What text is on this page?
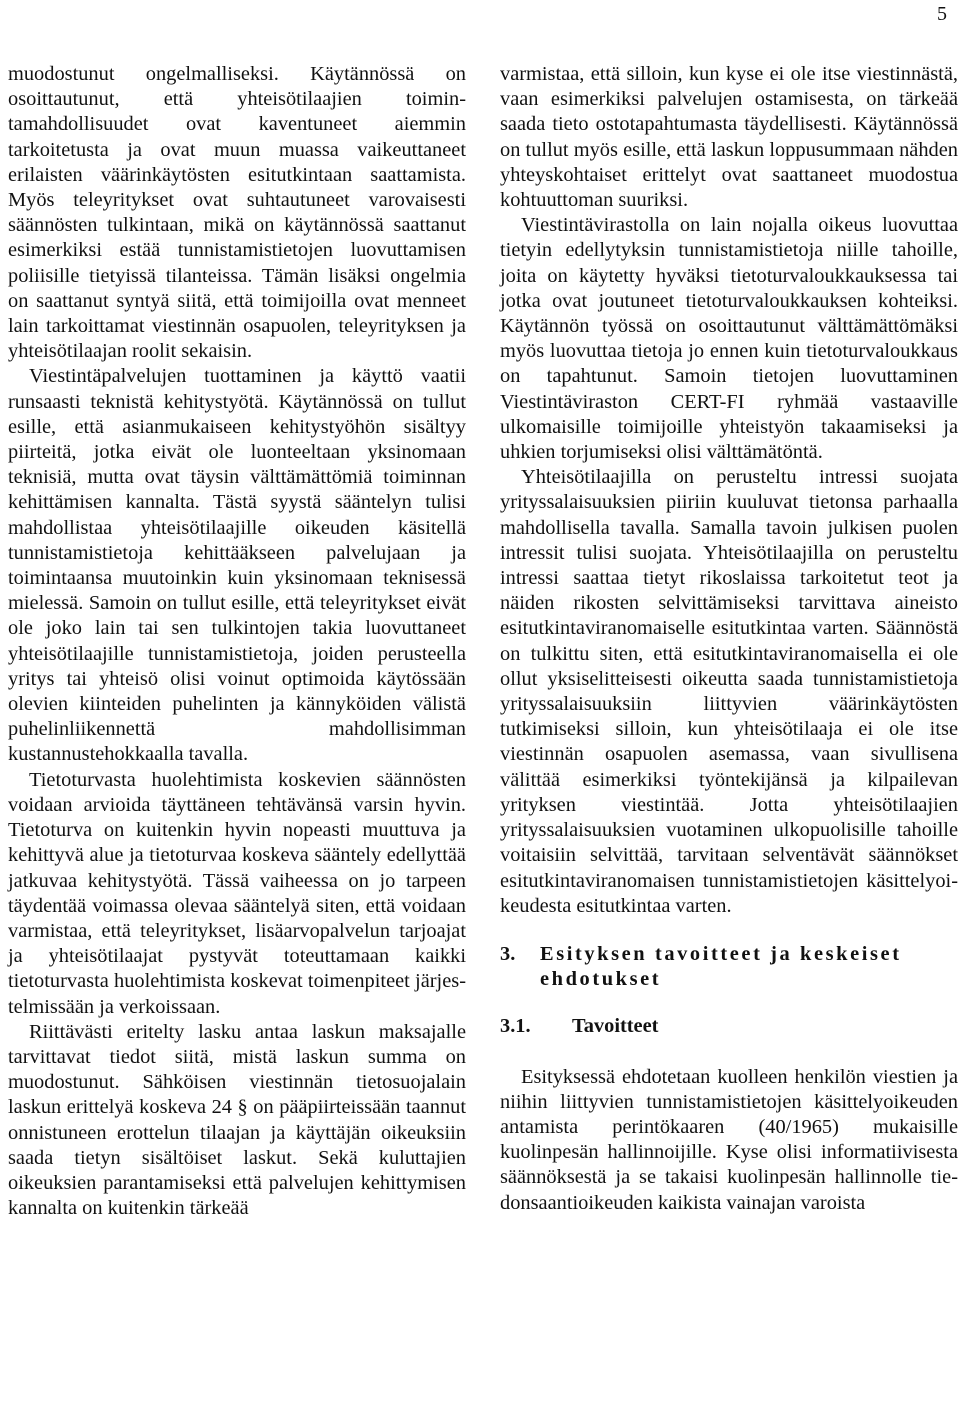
5

muodostunut ongelmalliseksi. Käytännössä on osoittautunut, että yhteisötilaajien toimintamahdollisuudet ovat kaventuneet aiemmin tarkoitetusta ja ovat muun muassa vaikeuttaneet erilaisten väärinkäytösten esitutkintaan saattamista. Myös teleyritykset ovat suhtautuneet varovaisesti säännösten tulkintaan, mikä on käytännössä saattanut esimerkiksi estää tunnistamistietojen luovuttamisen poliisille tietyissä tilanteissa. Tämän lisäksi ongelmia on saattanut syntyä siitä, että toimijoilla ovat menneet lain tarkoittamat viestinnän osapuolen, teleyrityksen ja yhteisötilaajan roolit sekaisin.

Viestintäpalvelujen tuottaminen ja käyttö vaatii runsaasti teknistä kehitystyötä. Käytännössä on tullut esille, että asianmukaiseen kehitystyöhön sisältyy piirteitä, jotka eivät ole luonteeltaan yksinomaan teknisiä, mutta ovat täysin välttämättömiä toiminnan kehittämisen kannalta. Tästä syystä sääntelyn tulisi mahdollistaa yhteisötilaajille oikeuden käsitellä tunnistamistietoja kehittääkseen palvelujaan ja toimintaansa muutoinkin kuin yksinomaan teknisessä mielessä. Samoin on tullut esille, että teleyritykset eivät ole joko lain tai sen tulkintojen takia luovuttaneet yhteisötilaajille tunnistamistietoja, joiden perusteella yritys tai yhteisö olisi voinut optimoida käytössään olevien kiinteiden puhelinten ja kännyköiden välistä puhelinliikennettä mahdollisimman kustannustehokkaalla tavalla.

Tietoturvasta huolehtimista koskevien säännösten voidaan arvioida täyttäneen tehtävänsä varsin hyvin. Tietoturva on kuitenkin hyvin nopeasti muuttuva ja kehittyvä alue ja tietoturvaa koskeva sääntely edellyttää jatkuvaa kehitystyötä. Tässä vaiheessa on jo tarpeen täydentää voimassa olevaa sääntelyä siten, että voidaan varmistaa, että teleyritykset, lisäarvopalvelun tarjoajat ja yhteisötilaajat pystyvät toteuttamaan kaikki tietoturvasta huolehtimista koskevat toimenpiteet järjestelmissään ja verkoissaan.

Riittävästi eritelty lasku antaa laskun maksajalle tarvittavat tiedot siitä, mistä laskun summa on muodostunut. Sähköisen viestinnän tietosuojalain laskun erittelyä koskeva 24 § on pääpiirteissään taannut onnistuneen erottelun tilaajan ja käyttäjän oikeuksiin saada tietyn sisältöiset laskut. Sekä kuluttajien oikeuksien parantamiseksi että palvelujen kehittymisen kannalta on kuitenkin tärkeää

varmistaa, että silloin, kun kyse ei ole itse viestinnästä, vaan esimerkiksi palvelujen ostamisesta, on tärkeää saada tieto ostotapahtumasta täydellisesti. Käytännössä on tullut myös esille, että laskun loppusummaan nähden yhteyskohtaiset erittelyt ovat saattaneet muodostua kohtuuttoman suuriksi.

Viestintävirastolla on lain nojalla oikeus luovuttaa tietyin edellytyksin tunnistamistietoja niille tahoille, joita on käytetty hyväksi tietoturvaloukkauksessa tai jotka ovat joutuneet tietoturvaloukkauksen kohteiksi. Käytännön työssä on osoittautunut välttämättömäksi myös luovuttaa tietoja jo ennen kuin tietoturvaloukkaus on tapahtunut. Samoin tietojen luovuttaminen Viestintäviraston CERT-FI ryhmää vastaaville ulkomaisille toimijoille yhteistyön takaamiseksi ja uhkien torjumiseksi olisi välttämätöntä.

Yhteisötilaajilla on perusteltu intressi suojata yrityssalaisuuksien piiriin kuuluvat tietonsa parhaalla mahdollisella tavalla. Samalla tavoin julkisen puolen intressit tulisi suojata. Yhteisötilaajilla on perusteltu intressi saattaa tietyt rikoslaissa tarkoitetut teot ja näiden rikosten selvittämiseksi tarvittava aineisto esitutkintaviranomaiselle esitutkintaa varten. Säännöstä on tulkittu siten, että esitutkintaviranomaisella ei ole ollut yksiselitteisesti oikeutta saada tunnistamistietoja yrityssalaisuuksiin liittyvien väärinkäytösten tutkimiseksi silloin, kun yhteisötilaaja ei ole itse viestinnän osapuolen asemassa, vaan sivullisena välittää esimerkiksi työntekijänsä ja kilpailevan yrityksen viestintää. Jotta yhteisötilaajien yrityssalaisuuksien vuotaminen ulkopuolisille tahoille voitaisiin selvittää, tarvitaan selventävät säännökset esitutkintaviranomaisen tunnistamistietojen käsittelyoikeudesta esitutkintaa varten.

3.	Esityksen tavoitteet ja keskeiset ehdotukset
3.1.	Tavoitteet

Esityksessä ehdotetaan kuolleen henkilön viestien ja niihin liittyvien tunnistamistietojen käsittelyoikeuden antamista perintökaaren (40/1965) mukaisille kuolinpesän hallinnoijille. Kyse olisi informatiivisesta säännöksestä ja se takaisi kuolinpesän hallinnolle tiedonsaantioikeuden kaikista vainajan varoista
